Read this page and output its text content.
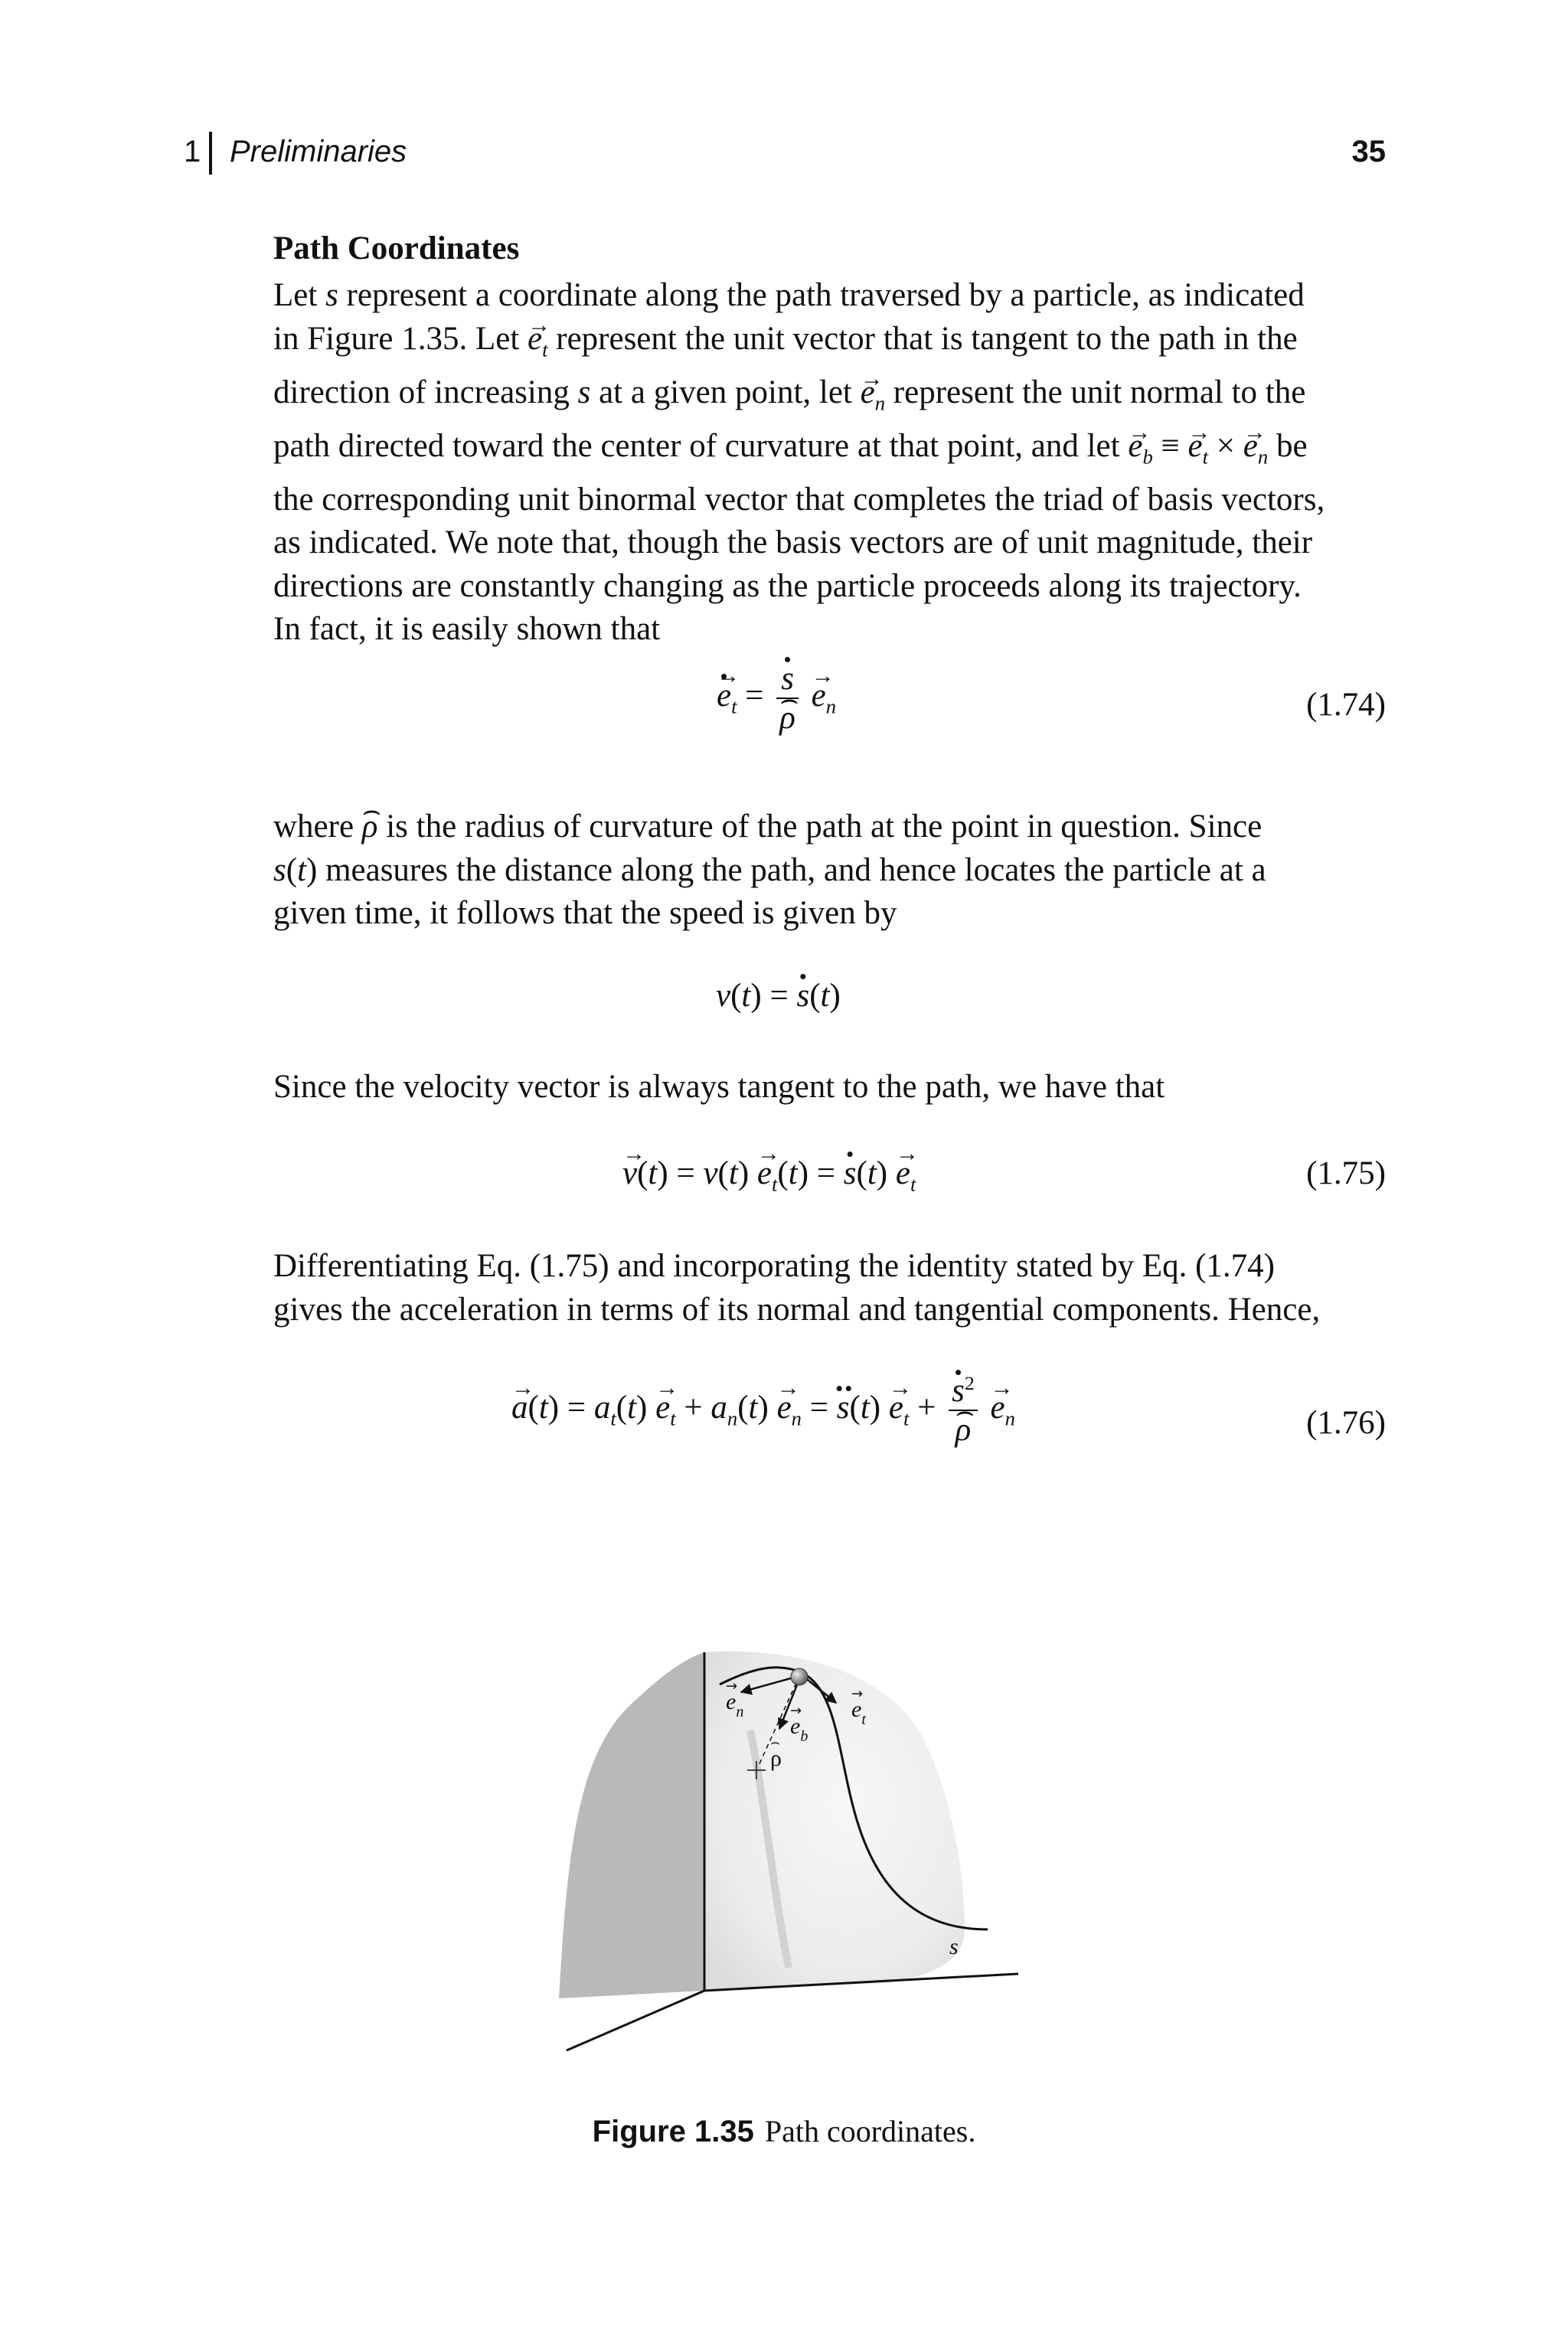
1 Preliminaries	35
Path Coordinates
Let s represent a coordinate along the path traversed by a particle, as indicated
in Figure 1.35. Let → $e_t$ represent the unit vector that is tangent to the path in the
direction of increasing s at a given point, let → $e_n$ represent the unit normal to the
path directed toward the center of curvature at that point, and let → $e_b$ ≡ → $e_t$ × → $e_n$ be
the corresponding unit binormal vector that completes the triad of basis vectors,
as indicated. We note that, though the basis vectors are of unit magnitude, their
directions are constantly changing as the particle proceeds along its trajectory.
In fact, it is easily shown that
→ $e \cdot_t = s$ ·
⌢ ρ
→ $e_n$	(1.74)
where ⌢ ρ is the radius of curvature of the path at the point in question. Since
s(t) measures the distance along the path, and hence locates the particle at a
given time, it follows that the speed is given by
v(t) = s ·(t)
Since the velocity vector is always tangent to the path, we have that
→ $v(t) = v(t) \to e_t(t) = s \cdot(t) \to e_t$	(1.75)
Differentiating Eq. (1.75) and incorporating the identity stated by Eq. (1.74)
gives the acceleration in terms of its normal and tangential components. Hence,
→ $a(t) = a_t(t) \to e_t + a_n(t) \to e_n = s \cdot\cdot(t) \to e_t + s \cdot^2$
⌢ ρ
→ $e_n$	(1.76)
$e_n$
→
$e_b$
→ $e_t$
→
ρ
⌢
s
Figure 1.35 Path coordinates.
